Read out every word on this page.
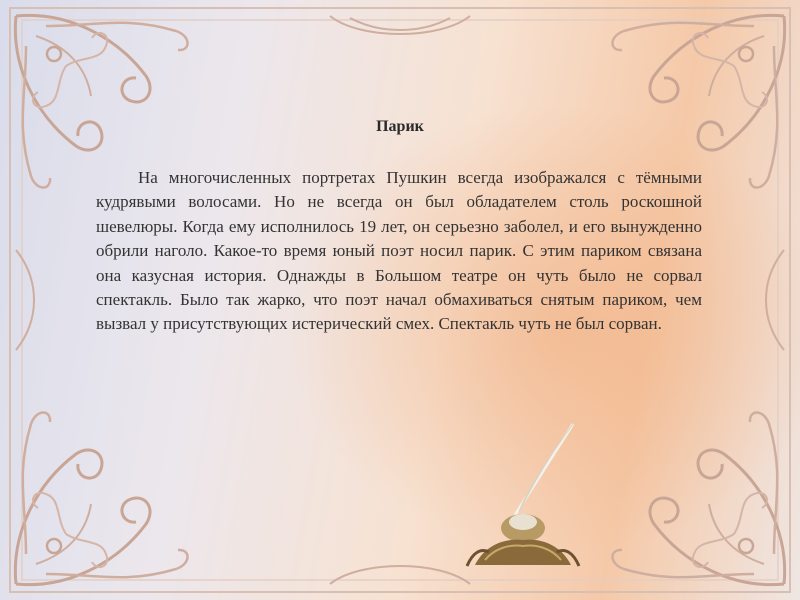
Парик

На многочисленных портретах Пушкин всегда изображался с тёмными кудрявыми волосами. Но не всегда он был обладателем столь роскошной шевелюры. Когда ему исполнилось 19 лет, он серьезно заболел, и его вынужденно обрили наголо. Какое-то время юный поэт носил парик. С этим париком связана она казусная история. Однажды в Большом театре он чуть было не сорвал спектакль. Было так жарко, что поэт начал обмахиваться снятым париком, чем вызвал у присутствующих истерический смех. Спектакль чуть не был сорван.
